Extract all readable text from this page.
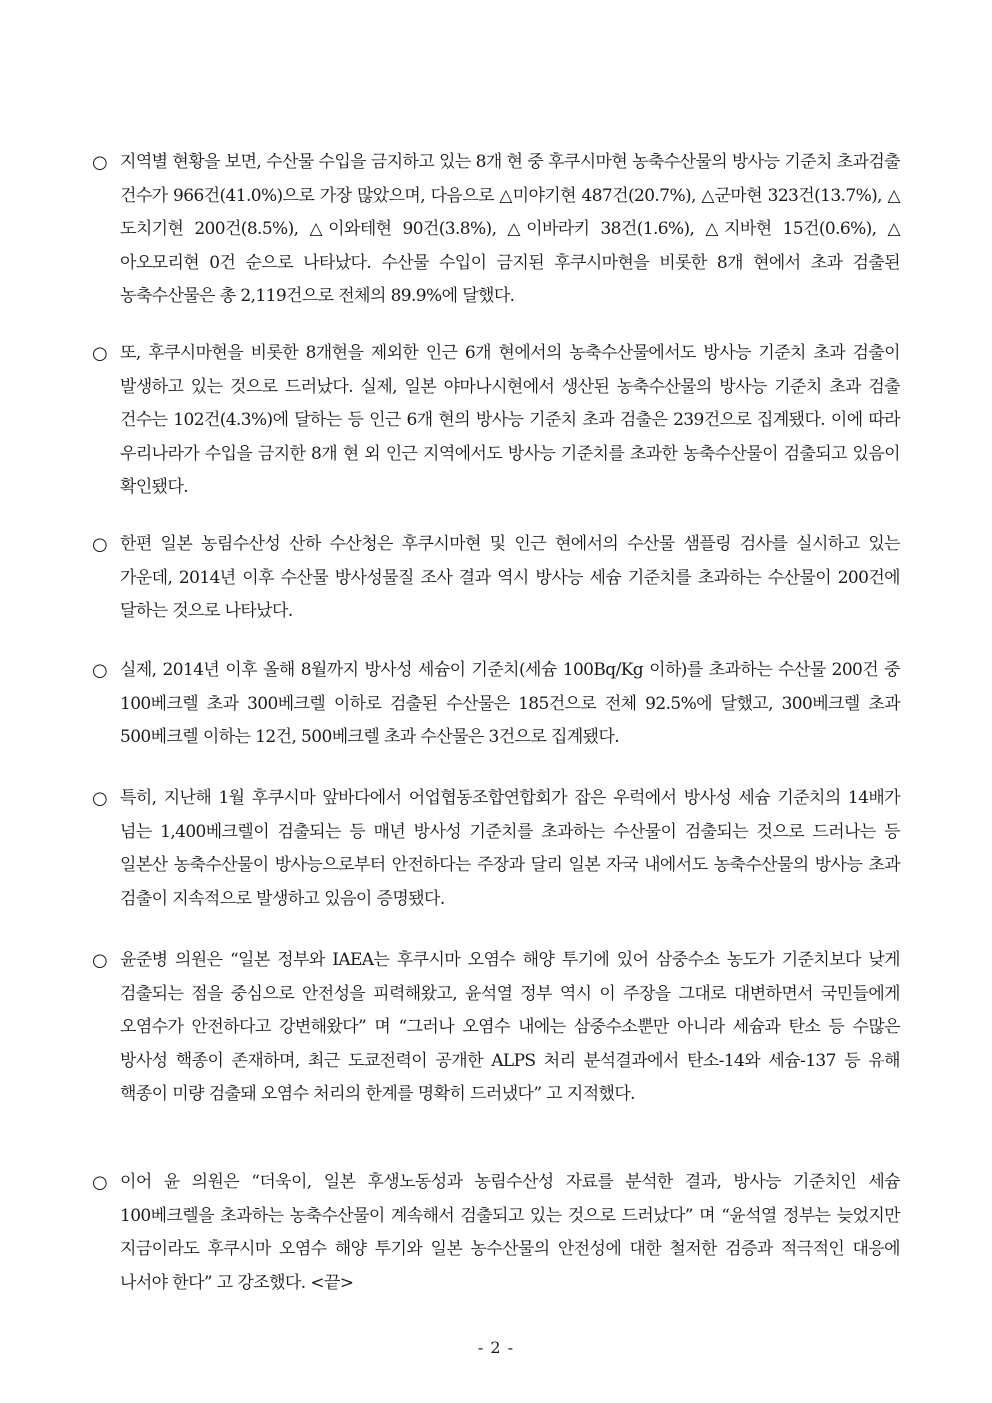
○ 지역별 현황을 보면, 수산물 수입을 금지하고 있는 8개 현 중 후쿠시마현 농축수산물의 방사능 기준치 초과검출 건수가 966건(41.0%)으로 가장 많았으며, 다음으로 △미야기현 487건(20.7%), △군마현 323건(13.7%), △도치기현 200건(8.5%), △이와테현 90건(3.8%), △이바라키 38건(1.6%), △지바현 15건(0.6%), △아오모리현 0건 순으로 나타났다. 수산물 수입이 금지된 후쿠시마현을 비롯한 8개 현에서 초과 검출된 농축수산물은 총 2,119건으로 전체의 89.9%에 달했다.
○ 또, 후쿠시마현을 비롯한 8개현을 제외한 인근 6개 현에서의 농축수산물에서도 방사능 기준치 초과 검출이 발생하고 있는 것으로 드러났다. 실제, 일본 야마나시현에서 생산된 농축수산물의 방사능 기준치 초과 검출 건수는 102건(4.3%)에 달하는 등 인근 6개 현의 방사능 기준치 초과 검출은 239건으로 집계됐다. 이에 따라 우리나라가 수입을 금지한 8개 현 외 인근 지역에서도 방사능 기준치를 초과한 농축수산물이 검출되고 있음이 확인됐다.
○ 한편 일본 농림수산성 산하 수산청은 후쿠시마현 및 인근 현에서의 수산물 샘플링 검사를 실시하고 있는 가운데, 2014년 이후 수산물 방사성물질 조사 결과 역시 방사능 세슘 기준치를 초과하는 수산물이 200건에 달하는 것으로 나타났다.
○ 실제, 2014년 이후 올해 8월까지 방사성 세슘이 기준치(세슘 100Bq/Kg 이하)를 초과하는 수산물 200건 중 100베크렐 초과 300베크렐 이하로 검출된 수산물은 185건으로 전체 92.5%에 달했고, 300베크렐 초과 500베크렐 이하는 12건, 500베크렐 초과 수산물은 3건으로 집계됐다.
○ 특히, 지난해 1월 후쿠시마 앞바다에서 어업협동조합연합회가 잡은 우럭에서 방사성 세슘 기준치의 14배가 넘는 1,400베크렐이 검출되는 등 매년 방사성 기준치를 초과하는 수산물이 검출되는 것으로 드러나는 등 일본산 농축수산물이 방사능으로부터 안전하다는 주장과 달리 일본 자국 내에서도 농축수산물의 방사능 초과 검출이 지속적으로 발생하고 있음이 증명됐다.
○ 윤준병 의원은 “일본 정부와 IAEA는 후쿠시마 오염수 해양 투기에 있어 삼중수소 농도가 기준치보다 낮게 검출되는 점을 중심으로 안전성을 피력해왔고, 윤석열 정부 역시 이 주장을 그대로 대변하면서 국민들에게 오염수가 안전하다고 강변해왔다” 며 “그러나 오염수 내에는 삼중수소뿐만 아니라 세슘과 탄소 등 수많은 방사성 핵종이 존재하며, 최근 도쿄전력이 공개한 ALPS 처리 분석결과에서 탄소-14와 세슘-137 등 유해 핵종이 미량 검출돼 오염수 처리의 한계를 명확히 드러냈다” 고 지적했다.
○ 이어 윤 의원은 “더욱이, 일본 후생노동성과 농림수산성 자료를 분석한 결과, 방사능 기준치인 세슘 100베크렐을 초과하는 농축수산물이 계속해서 검출되고 있는 것으로 드러났다” 며 “윤석열 정부는 늦었지만 지금이라도 후쿠시마 오염수 해양 투기와 일본 농수산물의 안전성에 대한 철저한 검증과 적극적인 대응에 나서야 한다” 고 강조했다. <끝>
- 2 -
